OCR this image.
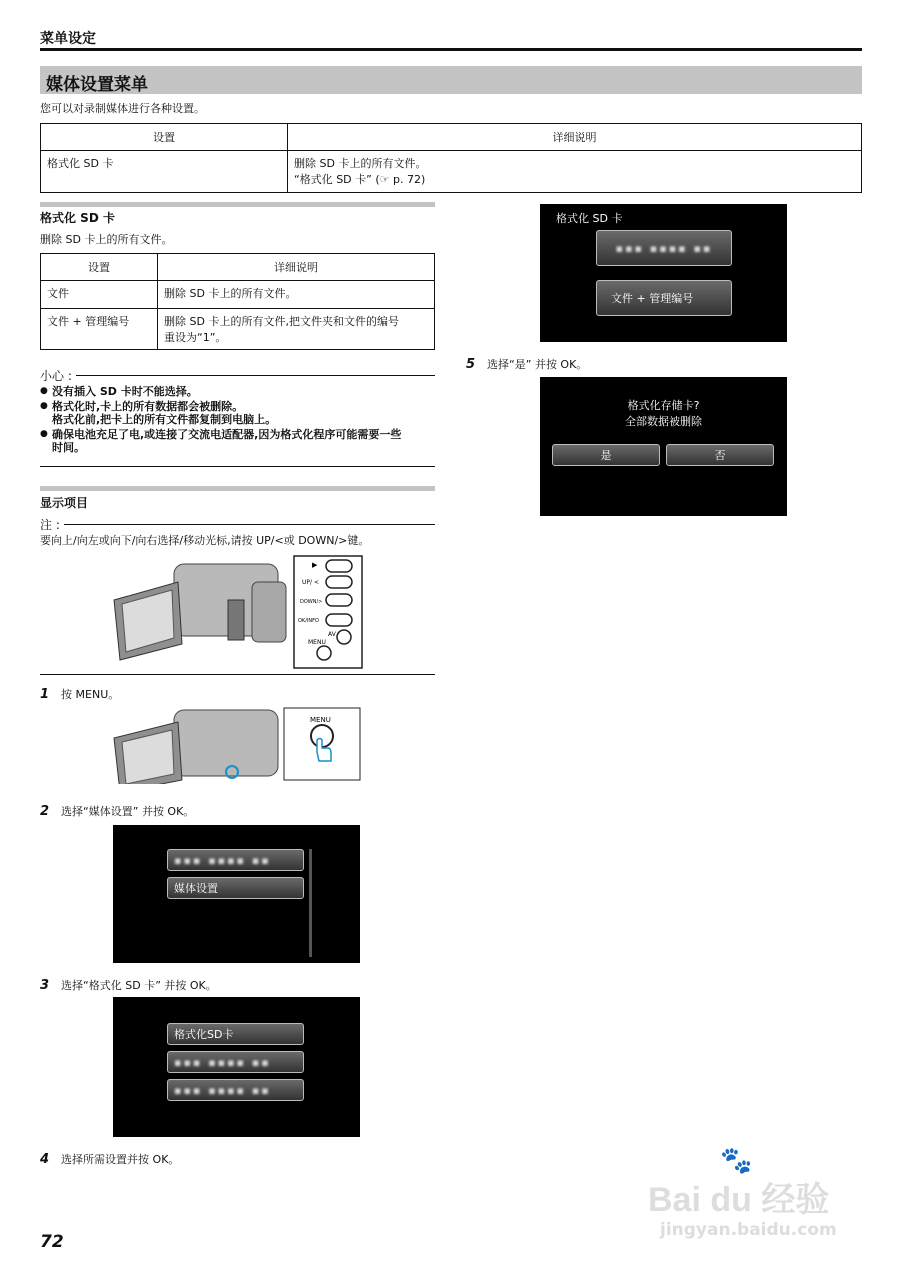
菜单设定
媒体设置菜单
您可以对录制媒体进行各种设置。
设置	详细说明
格式化 SD 卡	删除 SD 卡上的所有文件。
“格式化 SD 卡” (☞ p. 72)
格式化 SD 卡
删除 SD 卡上的所有文件。
设置	详细说明
文件	删除 SD 卡上的所有文件。
文件 + 管理编号	删除 SD 卡上的所有文件,把文件夹和文件的编号
重设为“1”。
小心 :
● 没有插入 SD 卡时不能选择。
● 格式化时,卡上的所有数据都会被删除。
格式化前,把卡上的所有文件都复制到电脑上。
● 确保电池充足了电,或连接了交流电适配器,因为格式化程序可能需要一些
时间。
显示项目
注 :
要向上/向左或向下/向右选择/移动光标,请按 UP/<或 DOWN/>键。
▶
UP/ <
DOWN/>
OK/INFO
AV
MENU
1 按 MENU。
MENU
2 选择“媒体设置” 并按 OK。
▪▪▪ ▪▪▪▪ ▪▪
媒体设置
3 选择“格式化 SD 卡” 并按 OK。
格式化SD卡
▪▪▪ ▪▪▪▪ ▪▪
▪▪▪ ▪▪▪▪ ▪▪
4 选择所需设置并按 OK。
格式化 SD 卡
▪▪▪ ▪▪▪▪ ▪▪
文件 + 管理编号
5 选择“是” 并按 OK。
格式化存储卡?
全部数据被删除
是	否
72
Bai du 经验
jingyan.baidu.com
🐾
